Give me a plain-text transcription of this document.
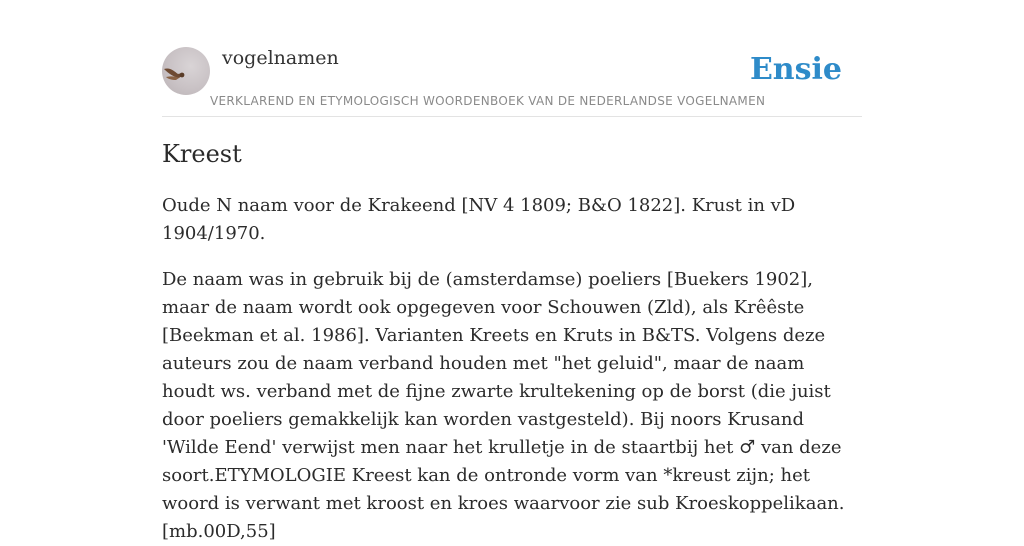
vogelnamen
VERKLAREND EN ETYMOLOGISCH WOORDENBOEK VAN DE NEDERLANDSE VOGELNAMEN
Ensie
Kreest

Oude N naam voor de Krakeend [NV 4 1809; B&O 1822]. Krust in vD 1904/1970.

De naam was in gebruik bij de (amsterdamse) poeliers [Buekers 1902], maar de naam wordt ook opgegeven voor Schouwen (Zld), als Krêêste [Beekman et al. 1986]. Varianten Kreets en Kruts in B&TS. Volgens deze auteurs zou de naam verband houden met "het geluid", maar de naam houdt ws. verband met de fijne zwarte krultekening op de borst (die juist door poeliers gemakkelijk kan worden vastgesteld). Bij noors Krusand 'Wilde Eend' verwijst men naar het krulletje in de staartbij het ♂ van deze soort.ETYMOLOGIE Kreest kan de ontronde vorm van *kreust zijn; het woord is verwant met kroost en kroes waarvoor zie sub Kroeskoppelikaan. [mb.00D,55]
